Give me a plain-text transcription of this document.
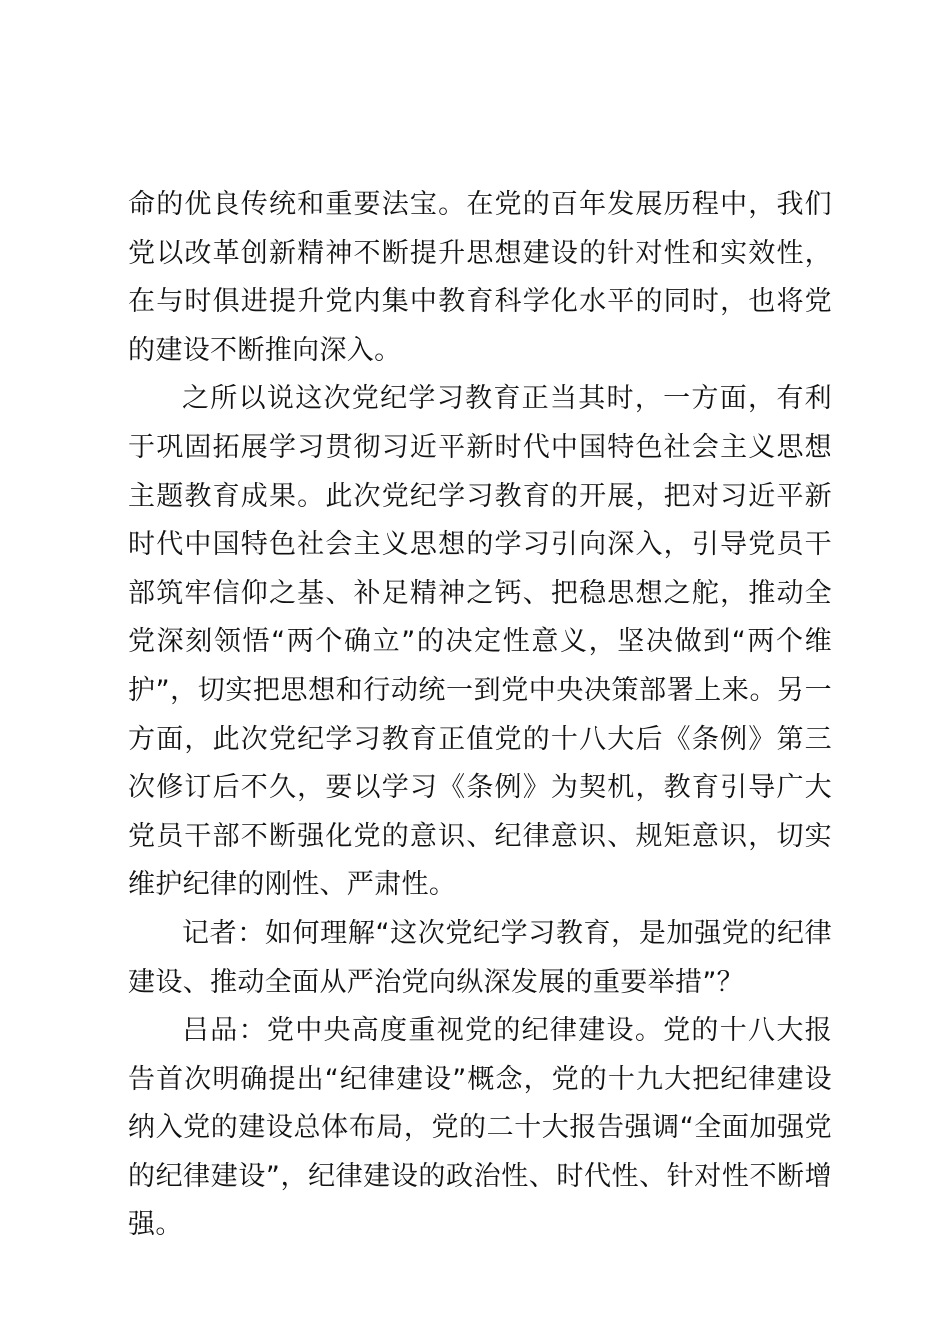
命的优良传统和重要法宝。在党的百年发展历程中，我们党以改革创新精神不断提升思想建设的针对性和实效性，在与时俱进提升党内集中教育科学化水平的同时，也将党的建设不断推向深入。

之所以说这次党纪学习教育正当其时，一方面，有利于巩固拓展学习贯彻习近平新时代中国特色社会主义思想主题教育成果。此次党纪学习教育的开展，把对习近平新时代中国特色社会主义思想的学习引向深入，引导党员干部筑牢信仰之基、补足精神之钙、把稳思想之舵，推动全党深刻领悟“两个确立”的决定性意义，坚决做到“两个维护”，切实把思想和行动统一到党中央决策部署上来。另一方面，此次党纪学习教育正值党的十八大后《条例》第三次修订后不久，要以学习《条例》为契机，教育引导广大党员干部不断强化党的意识、纪律意识、规矩意识，切实维护纪律的刚性、严肃性。

记者：如何理解“这次党纪学习教育，是加强党的纪律建设、推动全面从严治党向纵深发展的重要举措”？

吕品：党中央高度重视党的纪律建设。党的十八大报告首次明确提出“纪律建设”概念，党的十九大把纪律建设纳入党的建设总体布局，党的二十大报告强调“全面加强党的纪律建设”，纪律建设的政治性、时代性、针对性不断增强。
